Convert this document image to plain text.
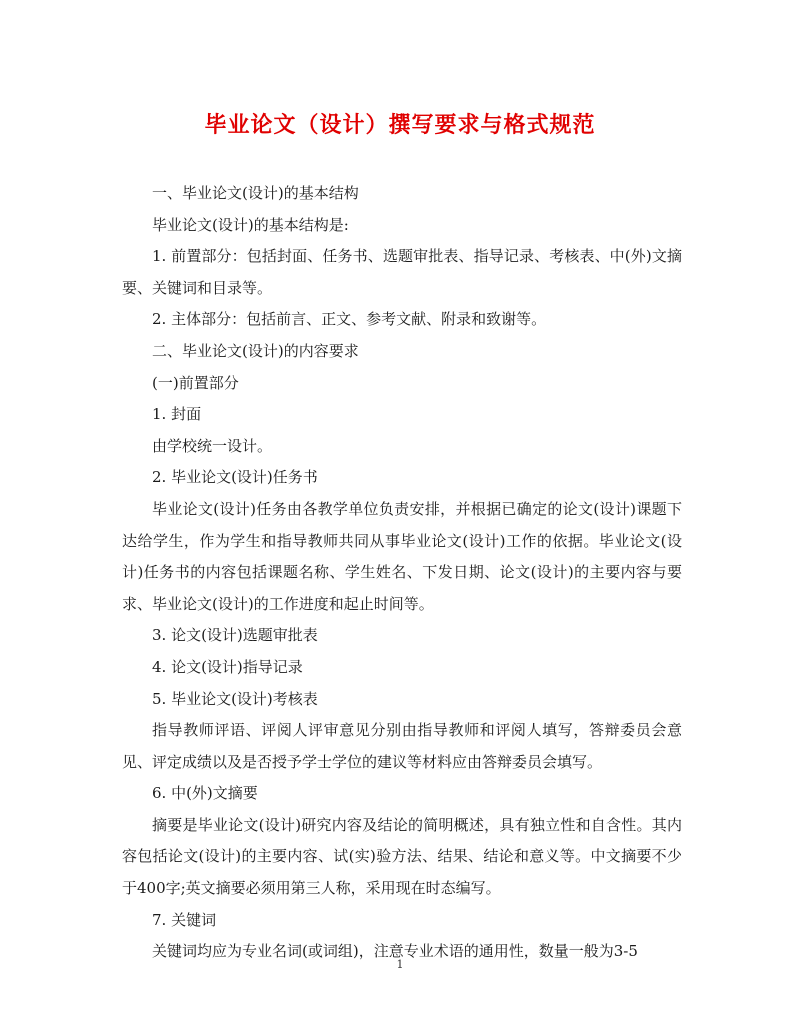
毕业论文（设计）撰写要求与格式规范

一、毕业论文(设计)的基本结构

毕业论文(设计)的基本结构是:

1. 前置部分：包括封面、任务书、选题审批表、指导记录、考核表、中(外)文摘要、关键词和目录等。

2. 主体部分：包括前言、正文、参考文献、附录和致谢等。

二、毕业论文(设计)的内容要求

(一)前置部分

1. 封面

由学校统一设计。

2. 毕业论文(设计)任务书

毕业论文(设计)任务由各教学单位负责安排，并根据已确定的论文(设计)课题下达给学生，作为学生和指导教师共同从事毕业论文(设计)工作的依据。毕业论文(设计)任务书的内容包括课题名称、学生姓名、下发日期、论文(设计)的主要内容与要求、毕业论文(设计)的工作进度和起止时间等。

3. 论文(设计)选题审批表

4. 论文(设计)指导记录

5. 毕业论文(设计)考核表

指导教师评语、评阅人评审意见分别由指导教师和评阅人填写，答辩委员会意见、评定成绩以及是否授予学士学位的建议等材料应由答辩委员会填写。

6. 中(外)文摘要

摘要是毕业论文(设计)研究内容及结论的简明概述，具有独立性和自含性。其内容包括论文(设计)的主要内容、试(实)验方法、结果、结论和意义等。中文摘要不少于400字;英文摘要必须用第三人称，采用现在时态编写。

7. 关键词

关键词均应为专业名词(或词组)，注意专业术语的通用性，数量一般为3-5

1
